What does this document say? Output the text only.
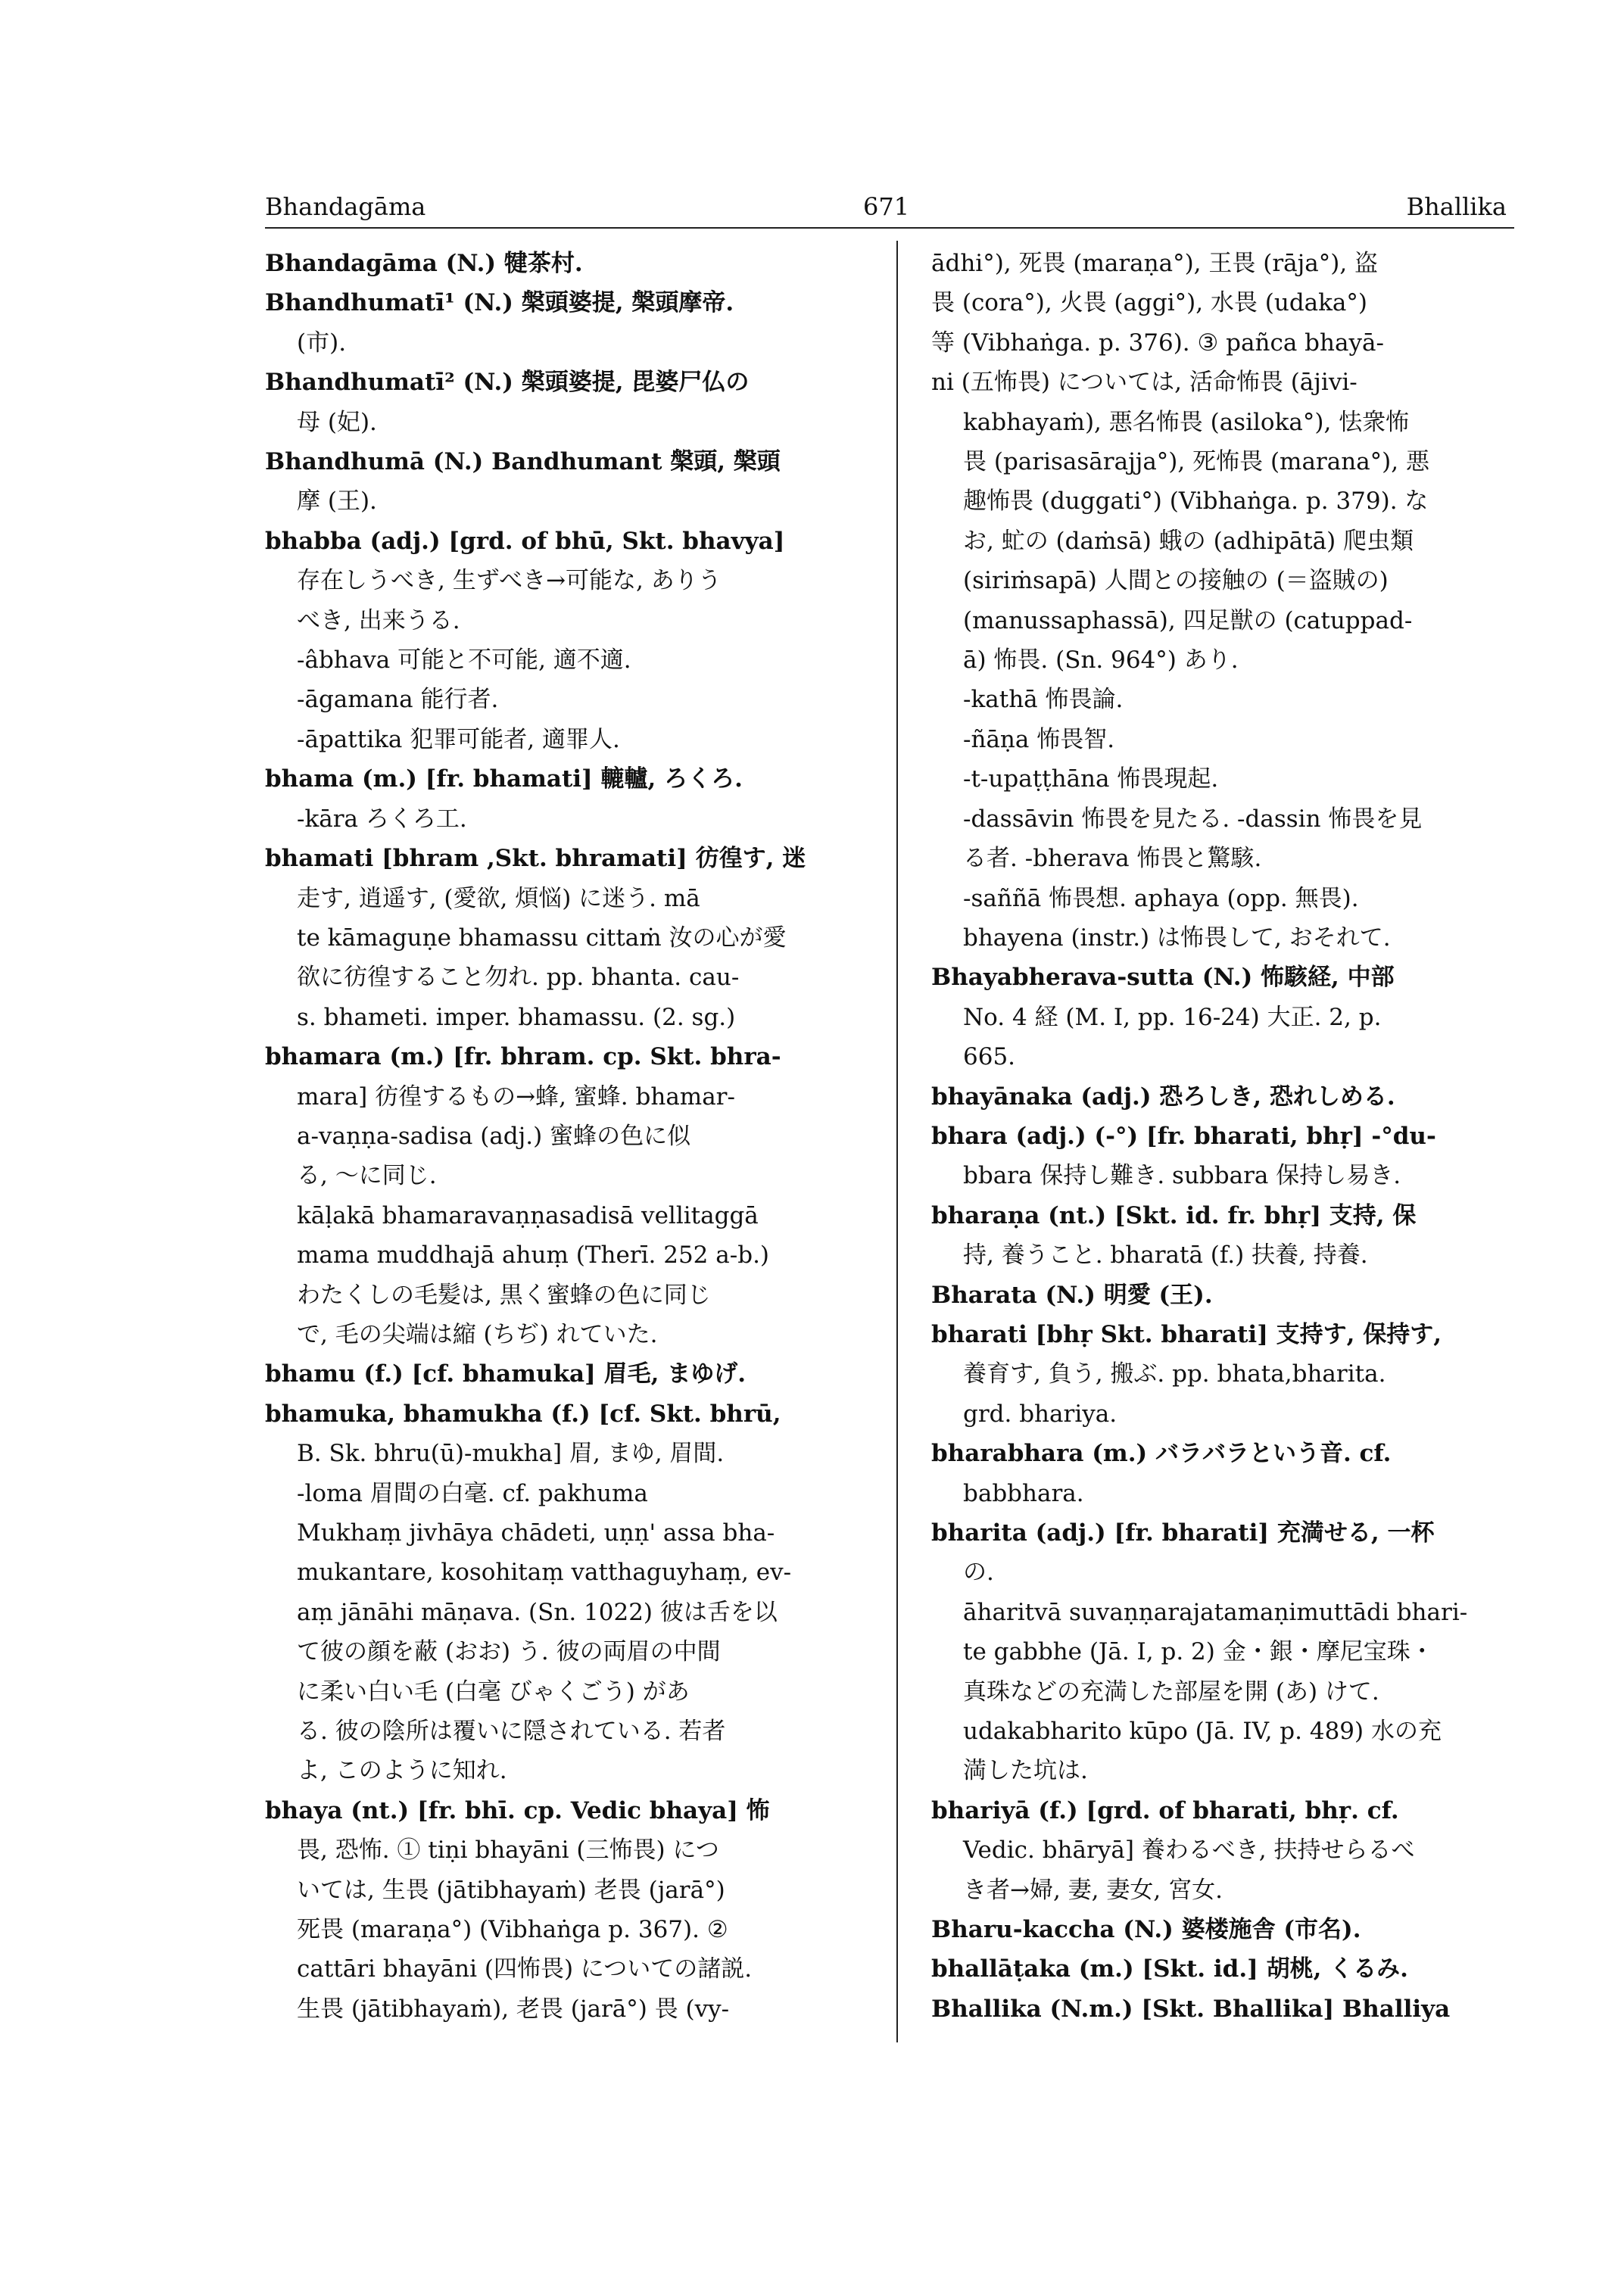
Bhandagāma	671	Bhallika
Bhandagāma (N.) 犍茶村.
Bhandhumatī¹ (N.) 槃頭婆提, 槃頭摩帝.
(市).
Bhandhumatī² (N.) 槃頭婆提, 毘婆尸仏の
母 (妃).
Bhandhumā (N.) Bandhumant 槃頭, 槃頭
摩 (王).
bhabba (adj.) [grd. of bhū, Skt. bhavya]
存在しうべき, 生ずべき→可能な, ありう
べき, 出来うる.
-âbhava 可能と不可能, 適不適.
-āgamana 能行者.
-āpattika 犯罪可能者, 適罪人.
bhama (m.) [fr. bhamati] 轆轤, ろくろ.
-kāra ろくろ工.
bhamati [bhram ,Skt. bhramati] 彷徨す, 迷
走す, 逍遥す, (愛欲, 煩悩) に迷う. mā
te kāmaguṇe bhamassu cittaṁ 汝の心が愛
欲に彷徨すること勿れ. pp. bhanta. cau-
s. bhameti. imper. bhamassu. (2. sg.)
bhamara (m.) [fr. bhram. cp. Skt. bhra-
mara] 彷徨するもの→蜂, 蜜蜂. bhamar-
a-vaṇṇa-sadisa (adj.) 蜜蜂の色に似
る, ～に同じ.
kāḷakā bhamaravaṇṇasadisā vellitaggā
mama muddhajā ahuṃ (Therī. 252 a-b.)
わたくしの毛髪は, 黒く蜜蜂の色に同じ
で, 毛の尖端は縮 (ちぢ) れていた.
bhamu (f.) [cf. bhamuka] 眉毛, まゆげ.
bhamuka, bhamukha (f.) [cf. Skt. bhrū,
B. Sk. bhru(ū)-mukha] 眉, まゆ, 眉間.
-loma 眉間の白毫. cf. pakhuma
Mukhaṃ jivhāya chādeti, uṇṇ' assa bha-
mukantare, kosohitaṃ vatthaguyhaṃ, ev-
aṃ jānāhi māṇava. (Sn. 1022) 彼は舌を以
て彼の顔を蔽 (おお) う. 彼の両眉の中間
に柔い白い毛 (白毫 びゃくごう) があ
る. 彼の陰所は覆いに隠されている. 若者
よ, このように知れ.
bhaya (nt.) [fr. bhī. cp. Vedic bhaya] 怖
畏, 恐怖. ① tiṇi bhayāni (三怖畏) につ
いては, 生畏 (jātibhayaṁ) 老畏 (jarā°)
死畏 (maraṇa°) (Vibhaṅga p. 367). ②
cattāri bhayāni (四怖畏) についての諸説.
生畏 (jātibhayaṁ), 老畏 (jarā°) 畏 (vy-
ādhi°), 死畏 (maraṇa°), 王畏 (rāja°), 盗
畏 (cora°), 火畏 (aggi°), 水畏 (udaka°)
等 (Vibhaṅga. p. 376). ③ pañca bhayā-
ni (五怖畏) については, 活命怖畏 (ājivi-
kabhayaṁ), 悪名怖畏 (asiloka°), 怯衆怖
畏 (parisasārajja°), 死怖畏 (marana°), 悪
趣怖畏 (duggati°) (Vibhaṅga. p. 379). な
お, 虻の (daṁsā) 蛾の (adhipātā) 爬虫類
(siriṁsapā) 人間との接触の (＝盗賊の)
(manussaphassā), 四足獣の (catuppad-
ā) 怖畏. (Sn. 964°) あり.
-kathā 怖畏論.
-ñāṇa 怖畏智.
-t-upaṭṭhāna 怖畏現起.
-dassāvin 怖畏を見たる. -dassin 怖畏を見
る者. -bherava 怖畏と驚駭.
-saññā 怖畏想. aphaya (opp. 無畏).
bhayena (instr.) は怖畏して, おそれて.
Bhayabherava-sutta (N.) 怖駭経, 中部
No. 4 経 (M. I, pp. 16-24) 大正. 2, p.
665.
bhayānaka (adj.) 恐ろしき, 恐れしめる.
bhara (adj.) (-°) [fr. bharati, bhṛ] -°du-
bbara 保持し難き. subbara 保持し易き.
bharaṇa (nt.) [Skt. id. fr. bhṛ] 支持, 保
持, 養うこと. bharatā (f.) 扶養, 持養.
Bharata (N.) 明愛 (王).
bharati [bhṛ Skt. bharati] 支持す, 保持す,
養育す, 負う, 搬ぶ. pp. bhata,bharita.
grd. bhariya.
bharabhara (m.) バラバラという音. cf.
babbhara.
bharita (adj.) [fr. bharati] 充満せる, 一杯
の.
āharitvā suvaṇṇarajatamaṇimuttādi bhari-
te gabbhe (Jā. I, p. 2) 金・銀・摩尼宝珠・
真珠などの充満した部屋を開 (あ) けて.
udakabharito kūpo (Jā. IV, p. 489) 水の充
満した坑は.
bhariyā (f.) [grd. of bharati, bhṛ. cf.
Vedic. bhāryā] 養わるべき, 扶持せらるべ
き者→婦, 妻, 妻女, 宮女.
Bharu-kaccha (N.) 婆楼施舎 (市名).
bhallāṭaka (m.) [Skt. id.] 胡桃, くるみ.
Bhallika (N.m.) [Skt. Bhallika] Bhalliya
